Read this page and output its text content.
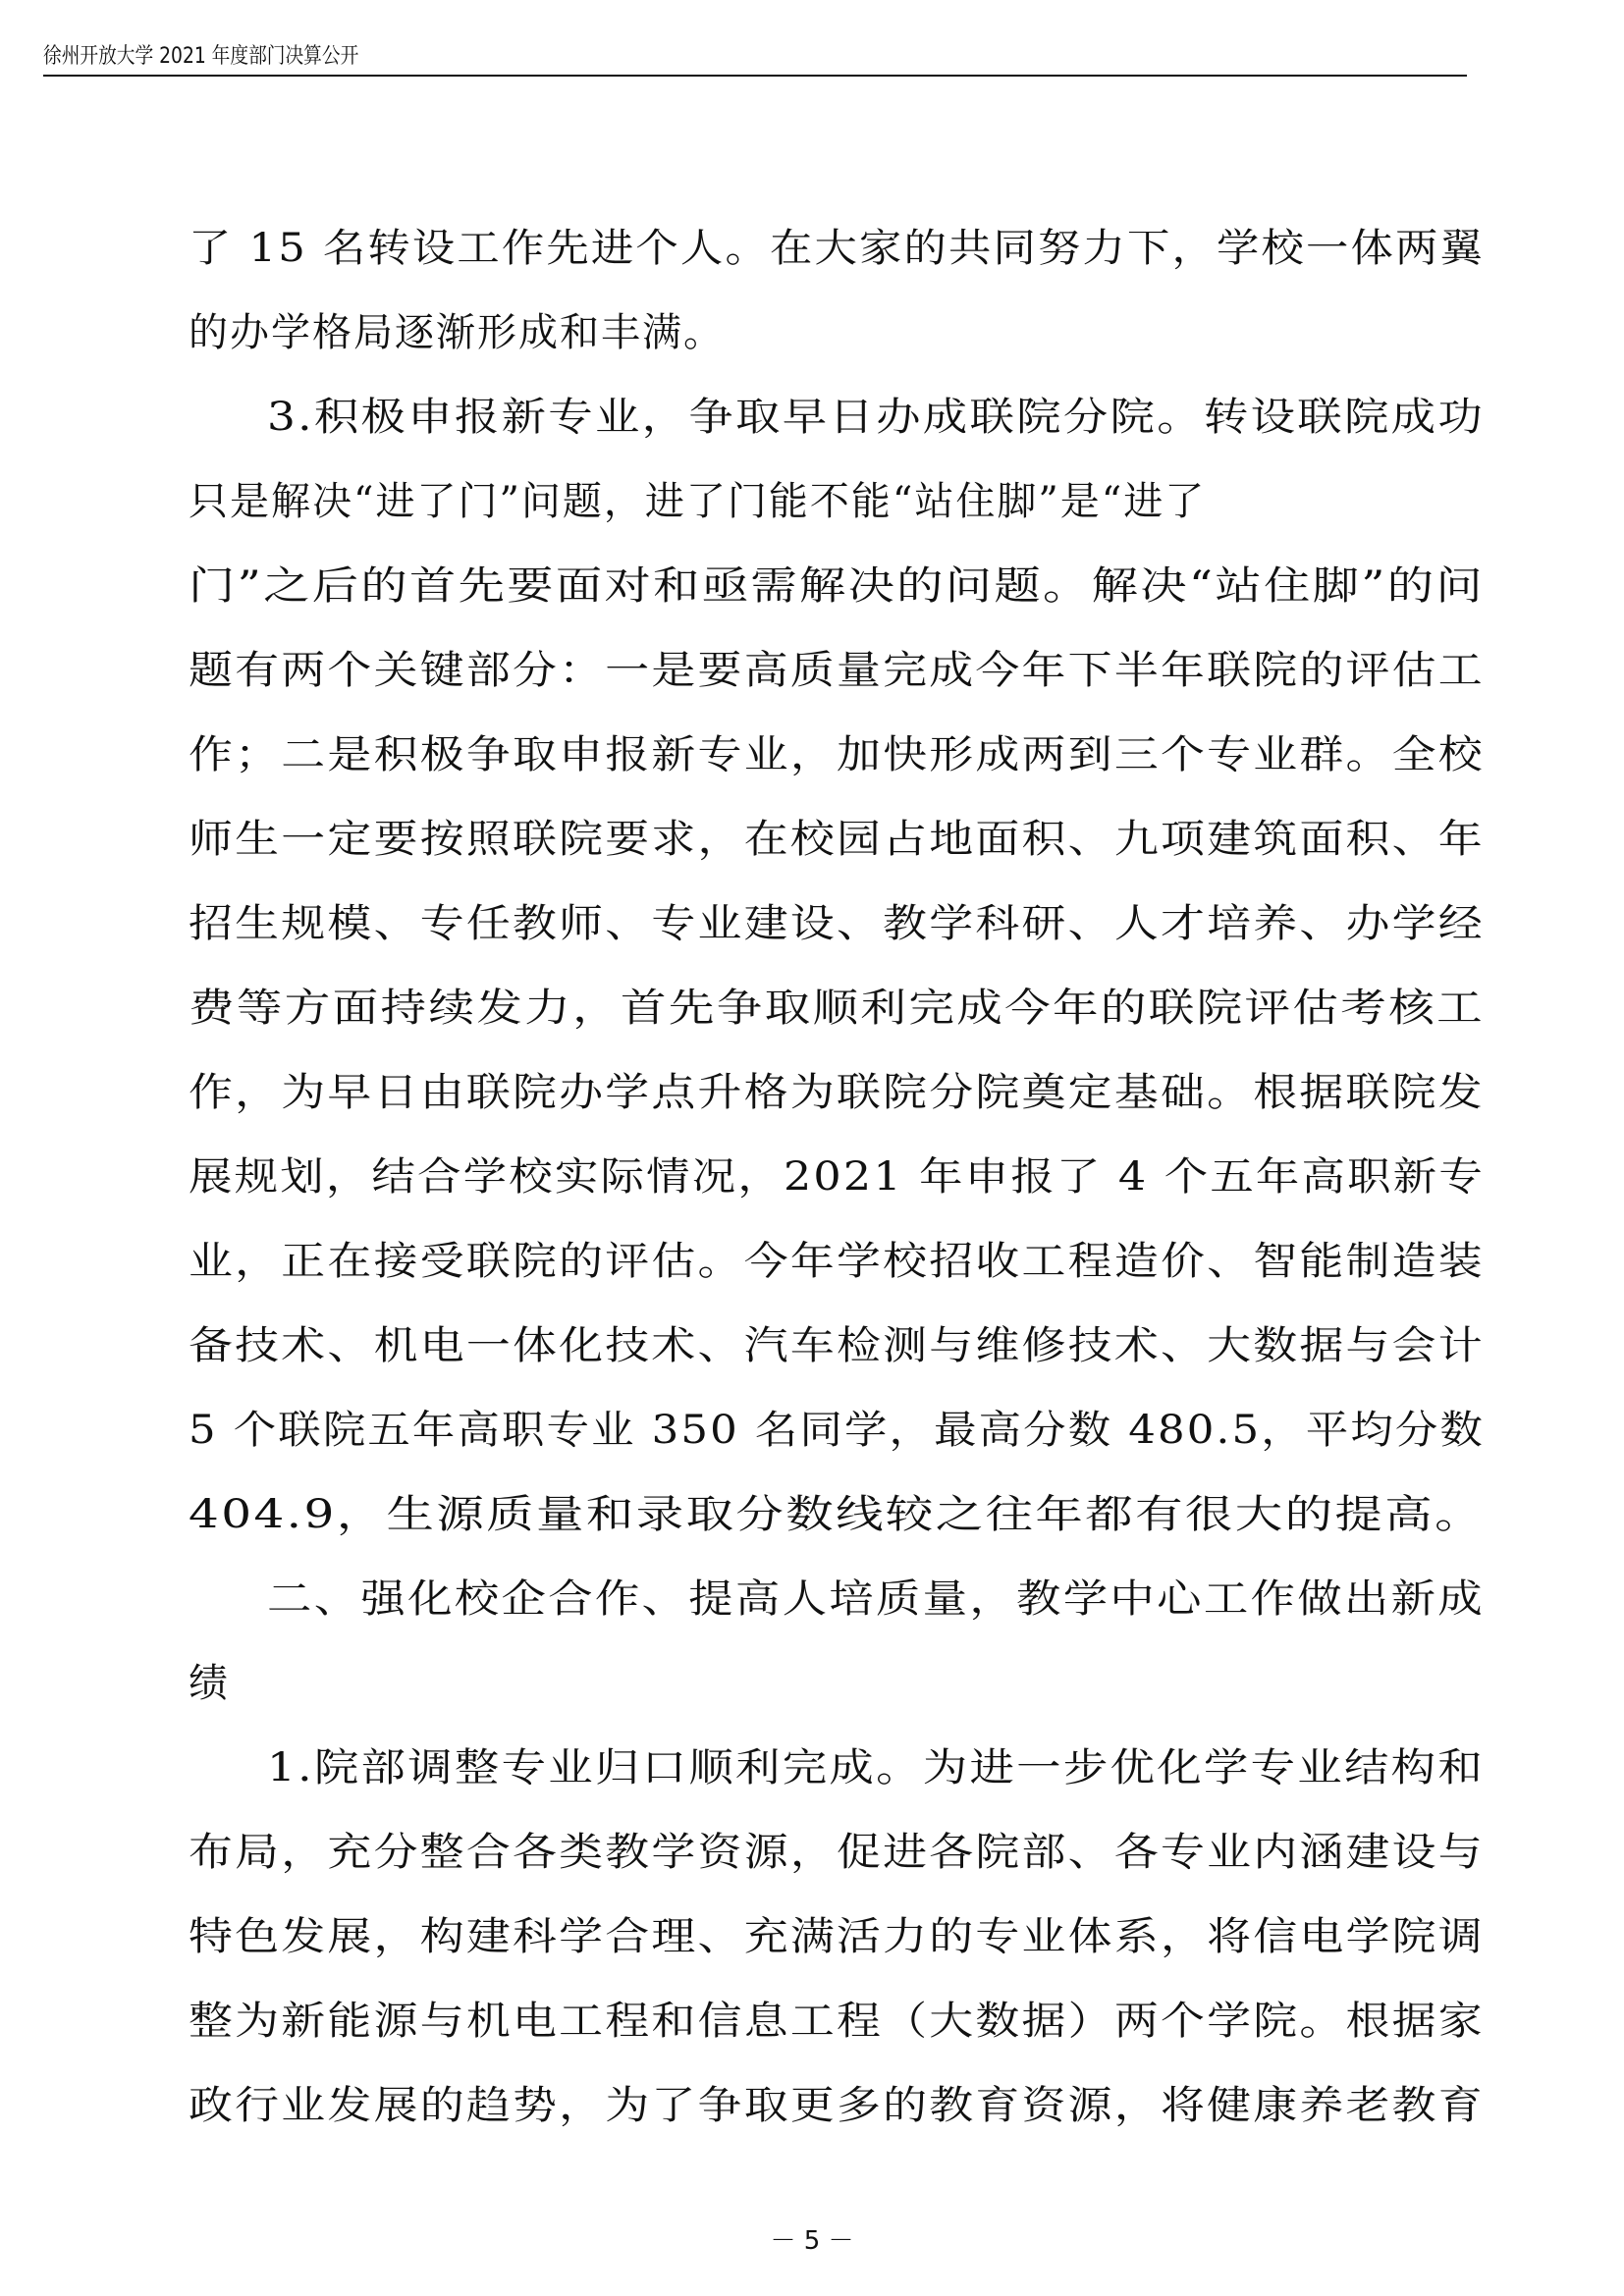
徐州开放大学 2021 年度部门决算公开
了 15 名转设工作先进个人。在大家的共同努力下，学校一体两翼
的办学格局逐渐形成和丰满。
3.积极申报新专业，争取早日办成联院分院。转设联院成功
只是解决“进了门”问题，进了门能不能“站住脚”是“进了
门”之后的首先要面对和亟需解决的问题。解决“站住脚”的问
题有两个关键部分：一是要高质量完成今年下半年联院的评估工
作；二是积极争取申报新专业，加快形成两到三个专业群。全校
师生一定要按照联院要求，在校园占地面积、九项建筑面积、年
招生规模、专任教师、专业建设、教学科研、人才培养、办学经
费等方面持续发力，首先争取顺利完成今年的联院评估考核工
作，为早日由联院办学点升格为联院分院奠定基础。根据联院发
展规划，结合学校实际情况，2021 年申报了 4 个五年高职新专
业，正在接受联院的评估。今年学校招收工程造价、智能制造装
备技术、机电一体化技术、汽车检测与维修技术、大数据与会计
5 个联院五年高职专业 350 名同学，最高分数 480.5，平均分数
404.9，生源质量和录取分数线较之往年都有很大的提高。
二、强化校企合作、提高人培质量，教学中心工作做出新成
绩
1.院部调整专业归口顺利完成。为进一步优化学专业结构和
布局，充分整合各类教学资源，促进各院部、各专业内涵建设与
特色发展，构建科学合理、充满活力的专业体系，将信电学院调
整为新能源与机电工程和信息工程（大数据）两个学院。根据家
政行业发展的趋势，为了争取更多的教育资源，将健康养老教育
－ 5 －
